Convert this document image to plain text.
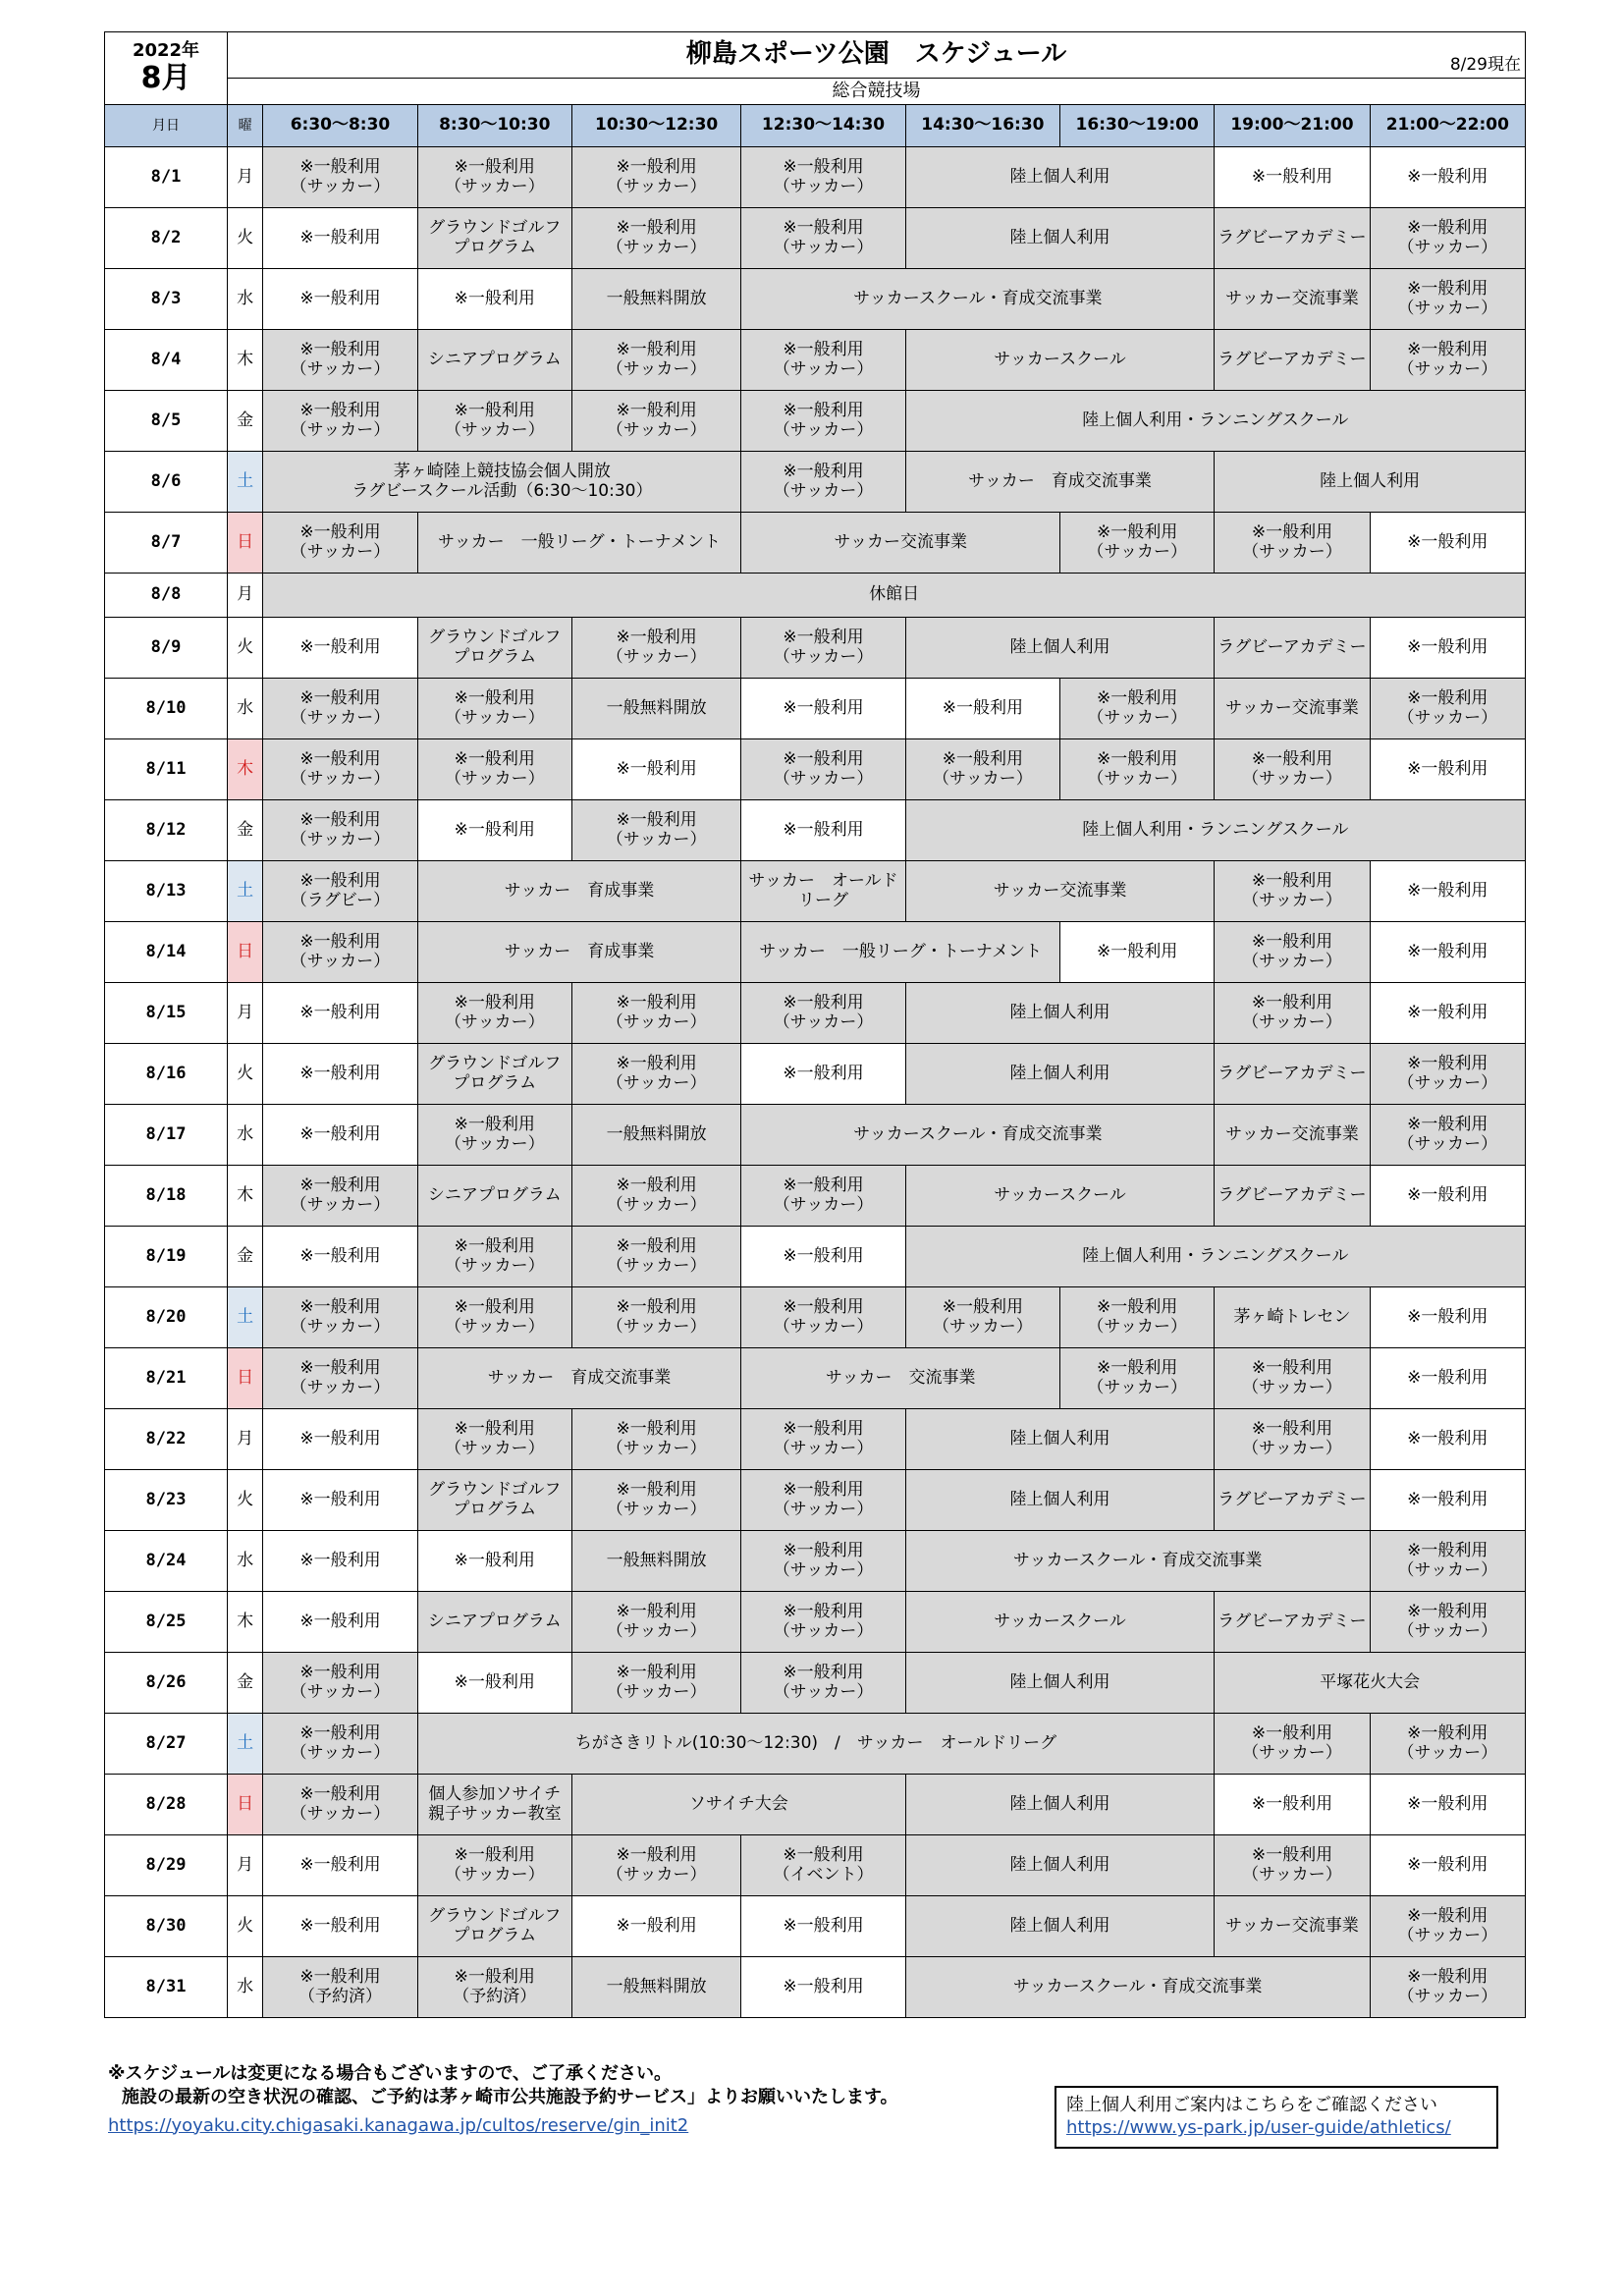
2022年
8月	柳島スポーツ公園　スケジュール 8/29現在								

	総合競技場								
月日	曜	6:30〜8:30	8:30〜10:30	10:30〜12:30	12:30〜14:30	14:30〜16:30	16:30〜19:00	19:00〜21:00	21:00〜22:00
8/1	月	※一般利用
（サッカー）	※一般利用
（サッカー）	※一般利用
（サッカー）	※一般利用
（サッカー）	陸上個人利用		※一般利用	※一般利用
8/2	火	※一般利用	グラウンドゴルフ
プログラム	※一般利用
（サッカー）	※一般利用
（サッカー）	陸上個人利用		ラグビーアカデミー	※一般利用
（サッカー）
8/3	水	※一般利用	※一般利用	一般無料開放	サッカースクール・育成交流事業			サッカー交流事業	※一般利用
（サッカー）
8/4	木	※一般利用
（サッカー）	シニアプログラム	※一般利用
（サッカー）	※一般利用
（サッカー）	サッカースクール		ラグビーアカデミー	※一般利用
（サッカー）
8/5	金	※一般利用
（サッカー）	※一般利用
（サッカー）	※一般利用
（サッカー）	※一般利用
（サッカー）	陸上個人利用・ランニングスクール			
8/6	土	茅ヶ崎陸上競技協会個人開放
ラグビースクール活動（6:30〜10:30）			※一般利用
（サッカー）	サッカー　育成交流事業		陸上個人利用	
8/7	日	※一般利用
（サッカー）	サッカー　一般リーグ・トーナメント		サッカー交流事業		※一般利用
（サッカー）	※一般利用
（サッカー）	※一般利用
8/8	月	休館日							
8/9	火	※一般利用	グラウンドゴルフ
プログラム	※一般利用
（サッカー）	※一般利用
（サッカー）	陸上個人利用		ラグビーアカデミー	※一般利用
8/10	水	※一般利用
（サッカー）	※一般利用
（サッカー）	一般無料開放	※一般利用	※一般利用	※一般利用
（サッカー）	サッカー交流事業	※一般利用
（サッカー）
8/11	木	※一般利用
（サッカー）	※一般利用
（サッカー）	※一般利用	※一般利用
（サッカー）	※一般利用
（サッカー）	※一般利用
（サッカー）	※一般利用
（サッカー）	※一般利用
8/12	金	※一般利用
（サッカー）	※一般利用	※一般利用
（サッカー）	※一般利用	陸上個人利用・ランニングスクール			
8/13	土	※一般利用
（ラグビー）	サッカー　育成事業		サッカー　オールドリーグ	サッカー交流事業		※一般利用
（サッカー）	※一般利用
8/14	日	※一般利用
（サッカー）	サッカー　育成事業		サッカー　一般リーグ・トーナメント		※一般利用	※一般利用
（サッカー）	※一般利用
8/15	月	※一般利用	※一般利用
（サッカー）	※一般利用
（サッカー）	※一般利用
（サッカー）	陸上個人利用		※一般利用
（サッカー）	※一般利用
8/16	火	※一般利用	グラウンドゴルフ
プログラム	※一般利用
（サッカー）	※一般利用	陸上個人利用		ラグビーアカデミー	※一般利用
（サッカー）
8/17	水	※一般利用	※一般利用
（サッカー）	一般無料開放	サッカースクール・育成交流事業			サッカー交流事業	※一般利用
（サッカー）
8/18	木	※一般利用
（サッカー）	シニアプログラム	※一般利用
（サッカー）	※一般利用
（サッカー）	サッカースクール		ラグビーアカデミー	※一般利用
8/19	金	※一般利用	※一般利用
（サッカー）	※一般利用
（サッカー）	※一般利用	陸上個人利用・ランニングスクール			
8/20	土	※一般利用
（サッカー）	※一般利用
（サッカー）	※一般利用
（サッカー）	※一般利用
（サッカー）	※一般利用
（サッカー）	※一般利用
（サッカー）	茅ヶ崎トレセン	※一般利用
8/21	日	※一般利用
（サッカー）	サッカー　育成交流事業		サッカー　交流事業		※一般利用
（サッカー）	※一般利用
（サッカー）	※一般利用
8/22	月	※一般利用	※一般利用
（サッカー）	※一般利用
（サッカー）	※一般利用
（サッカー）	陸上個人利用		※一般利用
（サッカー）	※一般利用
8/23	火	※一般利用	グラウンドゴルフ
プログラム	※一般利用
（サッカー）	※一般利用
（サッカー）	陸上個人利用		ラグビーアカデミー	※一般利用
8/24	水	※一般利用	※一般利用	一般無料開放	※一般利用
（サッカー）	サッカースクール・育成交流事業			※一般利用
（サッカー）
8/25	木	※一般利用	シニアプログラム	※一般利用
（サッカー）	※一般利用
（サッカー）	サッカースクール		ラグビーアカデミー	※一般利用
（サッカー）
8/26	金	※一般利用
（サッカー）	※一般利用	※一般利用
（サッカー）	※一般利用
（サッカー）	陸上個人利用		平塚花火大会	
8/27	土	※一般利用
（サッカー）	ちがさきリトル(10:30〜12:30)　/　サッカー　オールドリーグ					※一般利用
（サッカー）	※一般利用
（サッカー）
8/28	日	※一般利用
（サッカー）	個人参加ソサイチ
親子サッカー教室	ソサイチ大会		陸上個人利用		※一般利用	※一般利用
8/29	月	※一般利用	※一般利用
（サッカー）	※一般利用
（サッカー）	※一般利用
（イベント）	陸上個人利用		※一般利用
（サッカー）	※一般利用
8/30	火	※一般利用	グラウンドゴルフ
プログラム	※一般利用	※一般利用	陸上個人利用		サッカー交流事業	※一般利用
（サッカー）
8/31	水	※一般利用
（予約済）	※一般利用
（予約済）	一般無料開放	※一般利用	サッカースクール・育成交流事業			※一般利用
（サッカー）
※スケジュールは変更になる場合もございますので、ご了承ください。
施設の最新の空き状況の確認、ご予約は茅ヶ崎市公共施設予約サービス」よりお願いいたします。
https://yoyaku.city.chigasaki.kanagawa.jp/cultos/reserve/gin_init2
陸上個人利用ご案内はこちらをご確認ください
https://www.ys-park.jp/user-guide/athletics/
